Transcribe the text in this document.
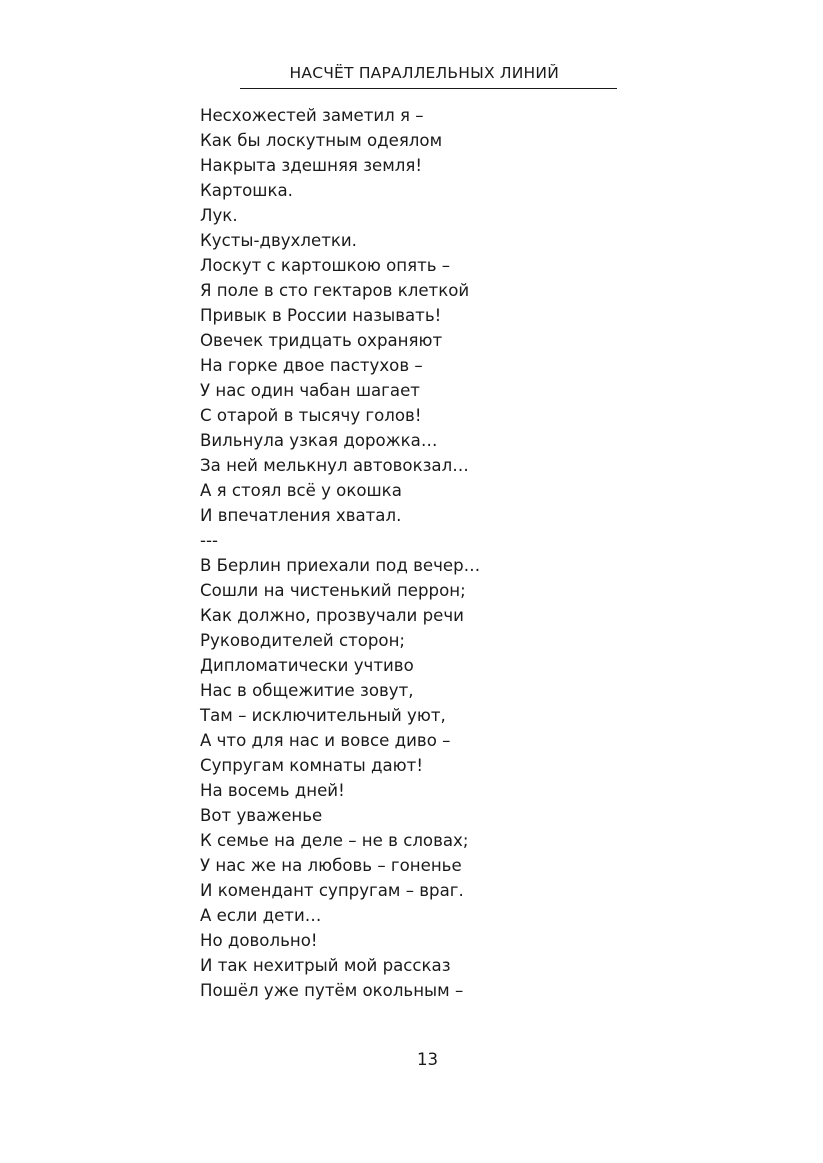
НАСЧЁТ ПАРАЛЛЕЛЬНЫХ ЛИНИЙ
Несхожестей заметил я –
Как бы лоскутным одеялом
Накрыта здешняя земля!
Картошка.
Лук.
Кусты-двухлетки.
Лоскут с картошкою опять –
Я поле в сто гектаров клеткой
Привык в России называть!
Овечек тридцать охраняют
На горке двое пастухов –
У нас один чабан шагает
С отарой в тысячу голов!
Вильнула узкая дорожка…
За ней мелькнул автовокзал…
А я стоял всё у окошка
И впечатления хватал.
---
В Берлин приехали под вечер…
Сошли на чистенький перрон;
Как должно, прозвучали речи
Руководителей сторон;
Дипломатически учтиво
Нас в общежитие зовут,
Там – исключительный уют,
А что для нас и вовсе диво –
Супругам комнаты дают!
На восемь дней!
Вот уваженье
К семье на деле – не в словах;
У нас же на любовь – гоненье
И комендант супругам – враг.
А если дети…
Но довольно!
И так нехитрый мой рассказ
Пошёл уже путём окольным –
13
